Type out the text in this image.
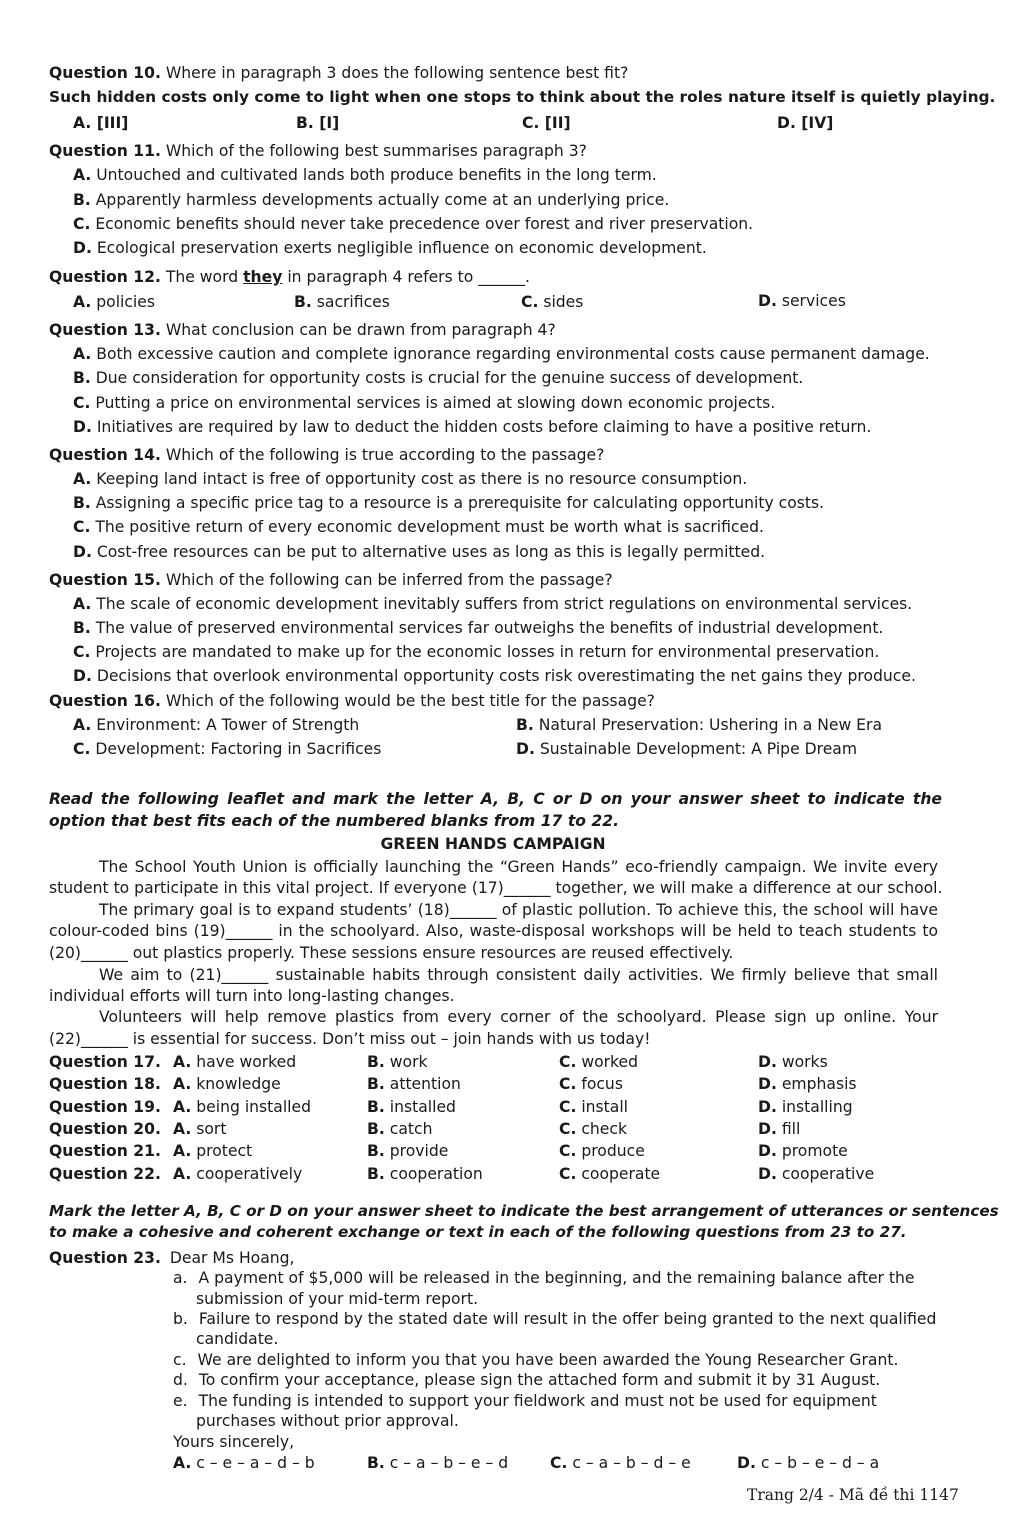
Question 10. Where in paragraph 3 does the following sentence best fit?
Such hidden costs only come to light when one stops to think about the roles nature itself is quietly playing.
A. [III]	B. [I]	C. [II]	D. [IV]
Question 11. Which of the following best summarises paragraph 3?
A. Untouched and cultivated lands both produce benefits in the long term.
B. Apparently harmless developments actually come at an underlying price.
C. Economic benefits should never take precedence over forest and river preservation.
D. Ecological preservation exerts negligible influence on economic development.
Question 12. The word they in paragraph 4 refers to ______.
A. policies	B. sacrifices	C. sides	D. services
Question 13. What conclusion can be drawn from paragraph 4?
A. Both excessive caution and complete ignorance regarding environmental costs cause permanent damage.
B. Due consideration for opportunity costs is crucial for the genuine success of development.
C. Putting a price on environmental services is aimed at slowing down economic projects.
D. Initiatives are required by law to deduct the hidden costs before claiming to have a positive return.
Question 14. Which of the following is true according to the passage?
A. Keeping land intact is free of opportunity cost as there is no resource consumption.
B. Assigning a specific price tag to a resource is a prerequisite for calculating opportunity costs.
C. The positive return of every economic development must be worth what is sacrificed.
D. Cost-free resources can be put to alternative uses as long as this is legally permitted.
Question 15. Which of the following can be inferred from the passage?
A. The scale of economic development inevitably suffers from strict regulations on environmental services.
B. The value of preserved environmental services far outweighs the benefits of industrial development.
C. Projects are mandated to make up for the economic losses in return for environmental preservation.
D. Decisions that overlook environmental opportunity costs risk overestimating the net gains they produce.
Question 16. Which of the following would be the best title for the passage?
A. Environment: A Tower of Strength	B. Natural Preservation: Ushering in a New Era
C. Development: Factoring in Sacrifices	D. Sustainable Development: A Pipe Dream
Read the following leaflet and mark the letter A, B, C or D on your answer sheet to indicate the
option that best fits each of the numbered blanks from 17 to 22.
GREEN HANDS CAMPAIGN
The School Youth Union is officially launching the “Green Hands” eco-friendly campaign. We invite every
student to participate in this vital project. If everyone (17)______ together, we will make a difference at our school.
The primary goal is to expand students’ (18)______ of plastic pollution. To achieve this, the school will have
colour-coded bins (19)______ in the schoolyard. Also, waste-disposal workshops will be held to teach students to
(20)______ out plastics properly. These sessions ensure resources are reused effectively.
We aim to (21)______ sustainable habits through consistent daily activities. We firmly believe that small
individual efforts will turn into long-lasting changes.
Volunteers will help remove plastics from every corner of the schoolyard. Please sign up online. Your
(22)______ is essential for success. Don’t miss out – join hands with us today!
Question 17. A. have worked	B. work	C. worked	D. works
Question 18. A. knowledge	B. attention	C. focus	D. emphasis
Question 19. A. being installed	B. installed	C. install	D. installing
Question 20. A. sort	B. catch	C. check	D. fill
Question 21. A. protect	B. provide	C. produce	D. promote
Question 22. A. cooperatively	B. cooperation	C. cooperate	D. cooperative
Mark the letter A, B, C or D on your answer sheet to indicate the best arrangement of utterances or sentences
to make a cohesive and coherent exchange or text in each of the following questions from 23 to 27.
Question 23. Dear Ms Hoang,
a. A payment of $5,000 will be released in the beginning, and the remaining balance after the
submission of your mid-term report.
b. Failure to respond by the stated date will result in the offer being granted to the next qualified
candidate.
c. We are delighted to inform you that you have been awarded the Young Researcher Grant.
d. To confirm your acceptance, please sign the attached form and submit it by 31 August.
e. The funding is intended to support your fieldwork and must not be used for equipment
purchases without prior approval.
Yours sincerely,
A. c – e – a – d – b	B. c – a – b – e – d	C. c – a – b – d – e	D. c – b – e – d – a
Trang 2/4 - Mã đề thi 1147
